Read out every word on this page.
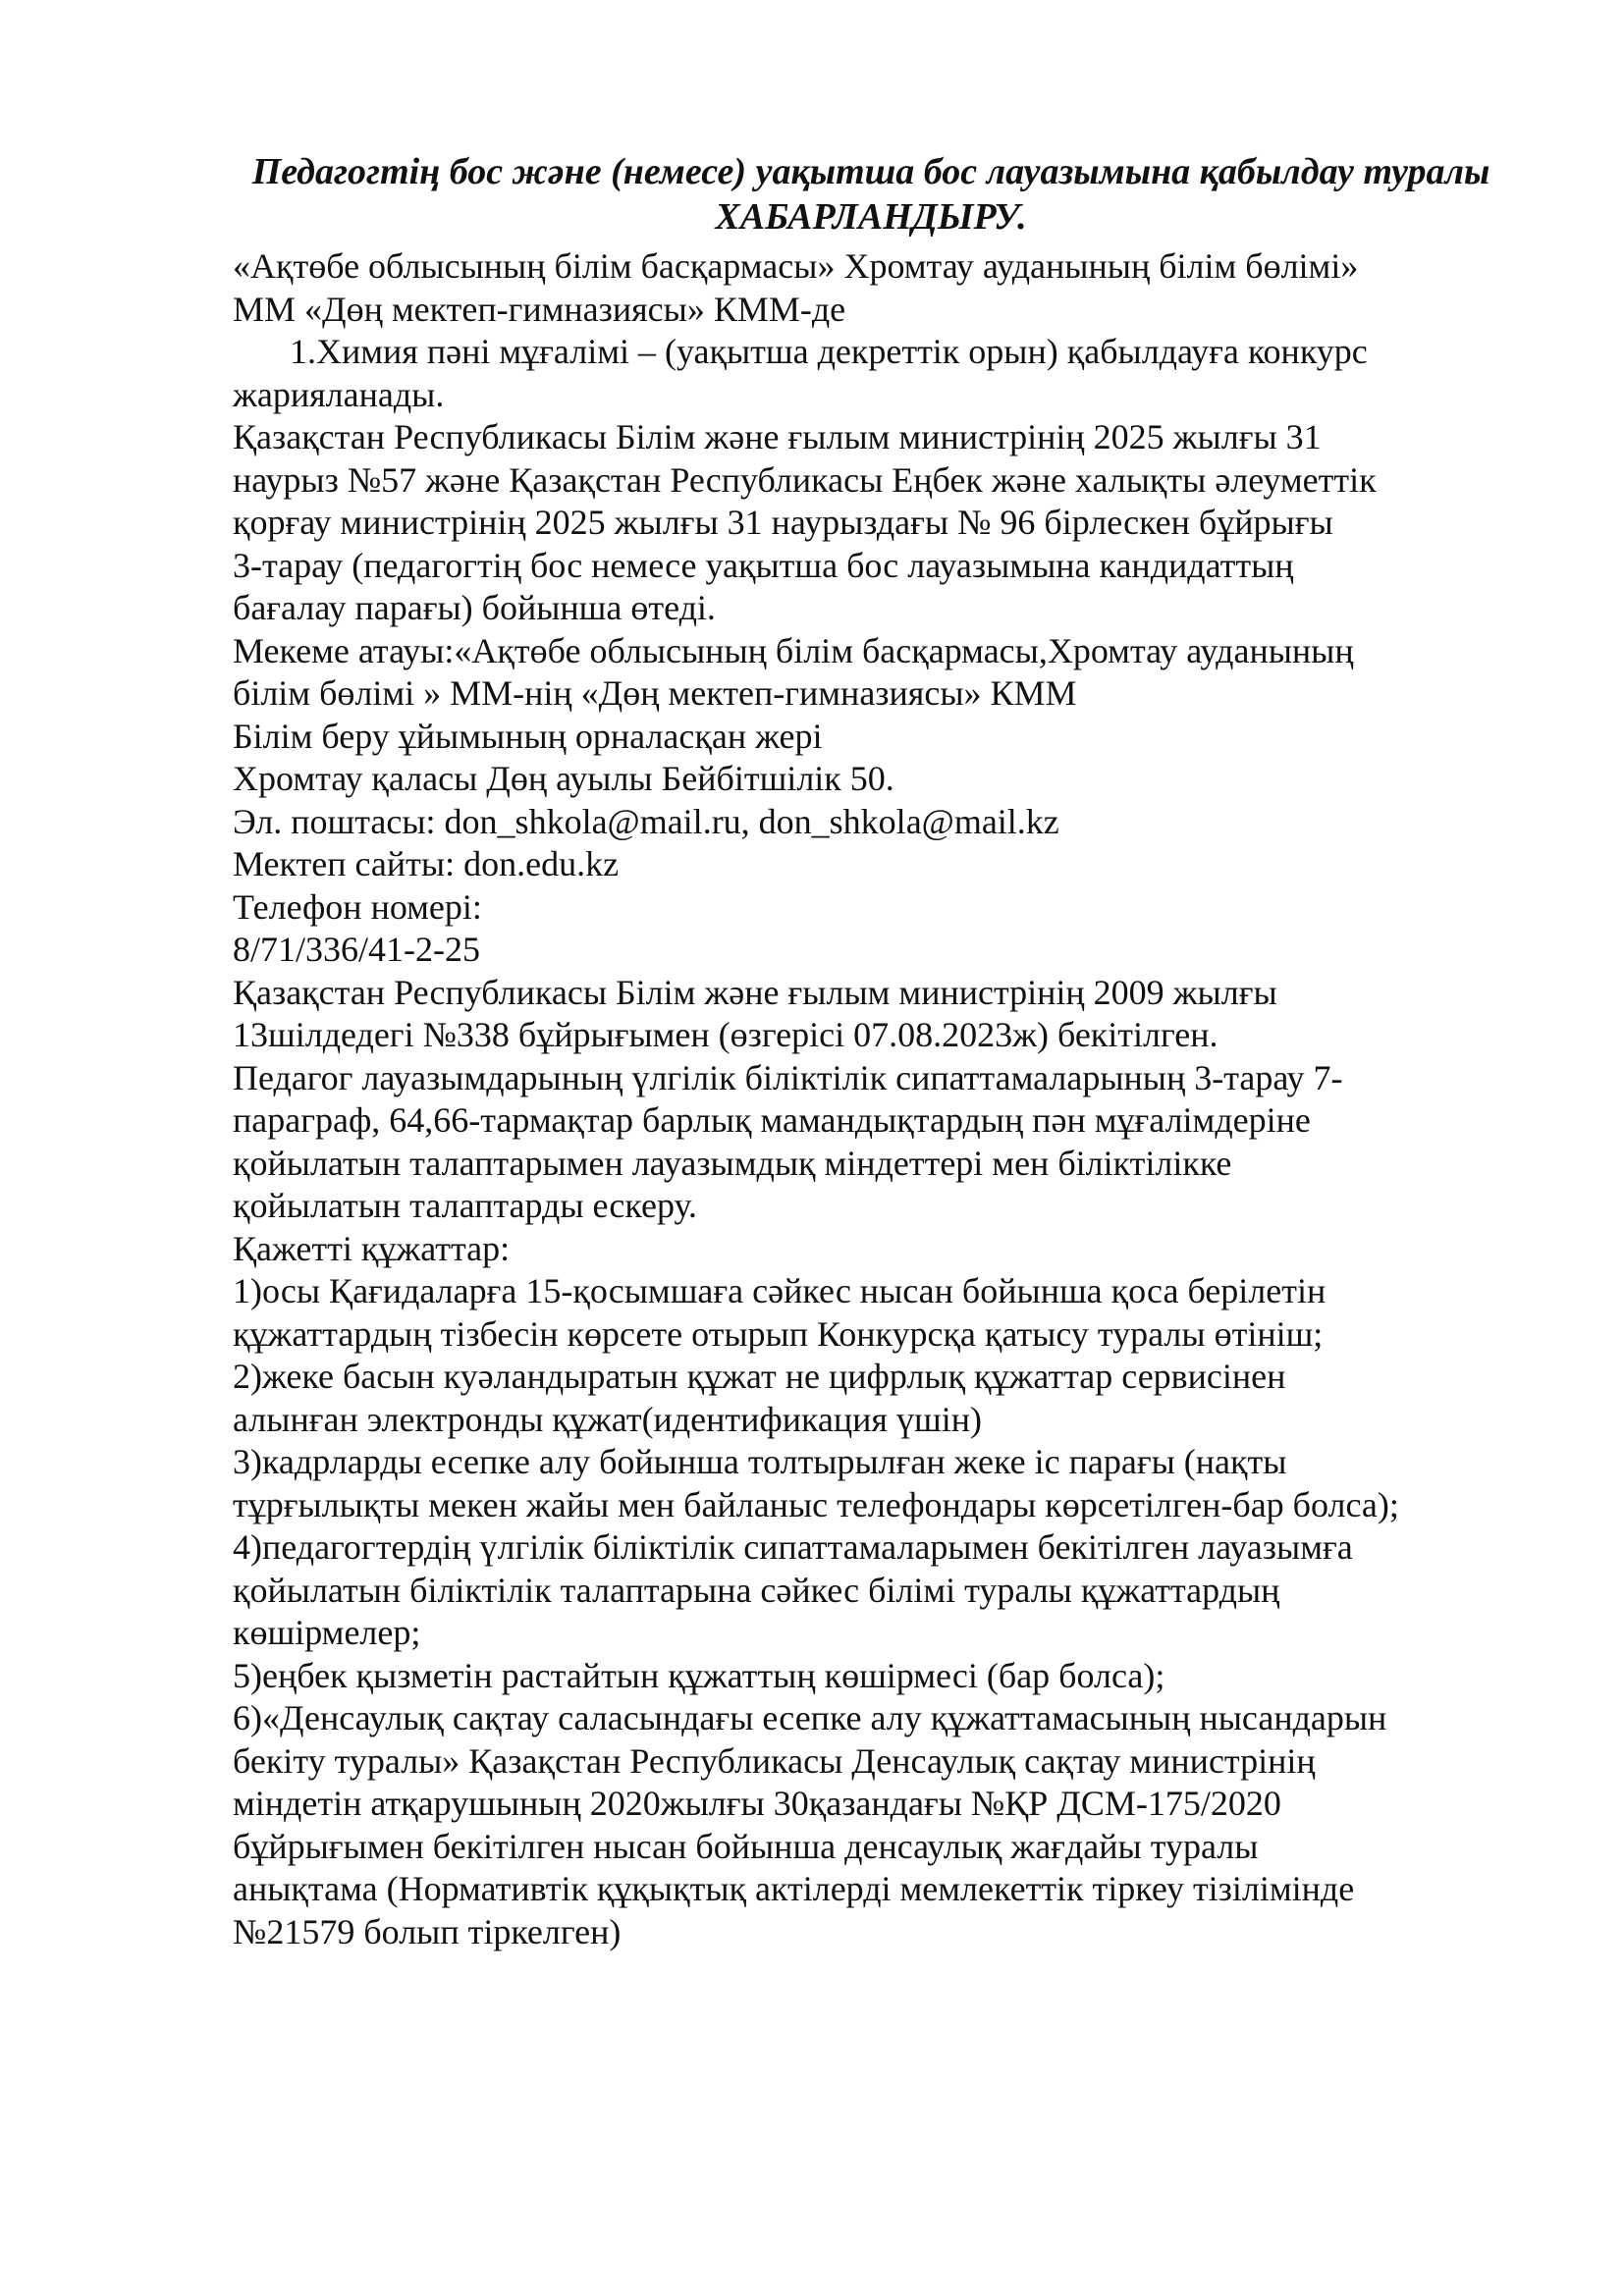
Педагогтің бос және (немесе) уақытша бос лауазымына қабылдау туралы
ХАБАРЛАНДЫРУ.
«Ақтөбе облысының білім басқармасы» Хромтау ауданының білім бөлімі»
ММ «Дөң мектеп-гимназиясы» КММ-де
1.Химия пәні мұғалімі – (уақытша декреттік орын) қабылдауға конкурс
жарияланады.
Қазақстан Республикасы Білім және ғылым министрінің 2025 жылғы 31
наурыз №57 және Қазақстан Республикасы Еңбек және халықты әлеуметтік
қорғау министрінің 2025 жылғы 31 наурыздағы № 96 бірлескен бұйрығы
3-тарау (педагогтің бос немесе уақытша бос лауазымына кандидаттың
бағалау парағы) бойынша өтеді.
Мекеме атауы:«Ақтөбе облысының білім басқармасы,Хромтау ауданының
білім бөлімі » ММ-нің «Дөң мектеп-гимназиясы» КММ
Білім беру ұйымының орналасқан жері
Хромтау қаласы Дөң ауылы Бейбітшілік 50.
Эл. поштасы: don_shkola@mail.ru, don_shkola@mail.kz
Мектеп сайты: don.edu.kz
Телефон номері:
8/71/336/41-2-25
Қазақстан Республикасы Білім және ғылым министрінің 2009 жылғы
13шілдедегі №338 бұйрығымен (өзгерісі 07.08.2023ж) бекітілген.
Педагог лауазымдарының үлгілік біліктілік сипаттамаларының 3-тарау 7-
параграф, 64,66-тармақтар барлық мамандықтардың пән мұғалімдеріне
қойылатын талаптарымен лауазымдық міндеттері мен біліктілікке
қойылатын талаптарды ескеру.
Қажетті құжаттар:
1)осы Қағидаларға 15-қосымшаға сәйкес нысан бойынша қоса берілетін
құжаттардың тізбесін көрсете отырып Конкурсқа қатысу туралы өтініш;
2)жеке басын куәландыратын құжат не цифрлық құжаттар сервисінен
алынған электронды құжат(идентификация үшін)
3)кадрларды есепке алу бойынша толтырылған жеке іс парағы (нақты
тұрғылықты мекен жайы мен байланыс телефондары көрсетілген-бар болса);
4)педагогтердің үлгілік біліктілік сипаттамаларымен бекітілген лауазымға
қойылатын біліктілік талаптарына сәйкес білімі туралы құжаттардың
көшірмелер;
5)еңбек қызметін растайтын құжаттың көшірмесі (бар болса);
6)«Денсаулық сақтау саласындағы есепке алу құжаттамасының нысандарын
бекіту туралы» Қазақстан Республикасы Денсаулық сақтау министрінің
міндетін атқарушының 2020жылғы 30қазандағы №ҚР ДСМ-175/2020
бұйрығымен бекітілген нысан бойынша денсаулық жағдайы туралы
анықтама (Нормативтік құқықтық актілерді мемлекеттік тіркеу тізілімінде
№21579 болып тіркелген)
